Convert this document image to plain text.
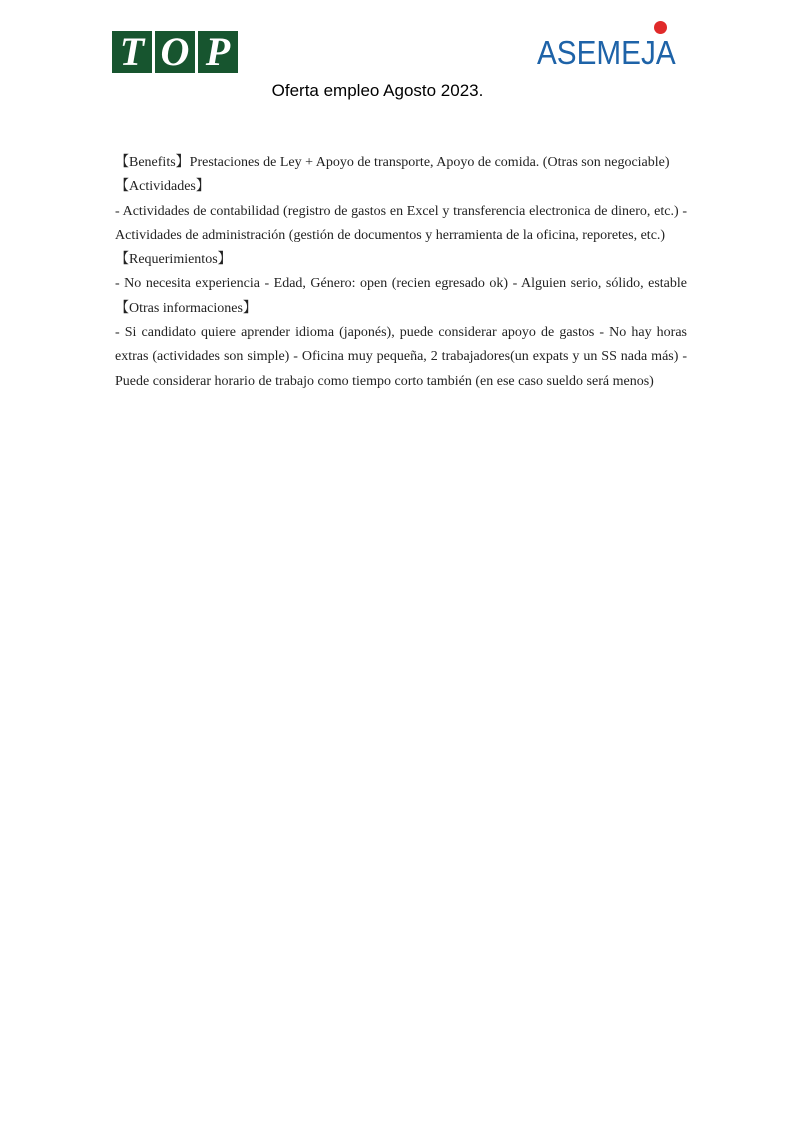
T O P	ASEMEJA
Oferta empleo Agosto 2023.

【Benefits】Prestaciones de Ley + Apoyo de transporte, Apoyo de comida. (Otras son negociable)

【Actividades】

- Actividades de contabilidad (registro de gastos en Excel y transferencia electronica de dinero, etc.) - Actividades de administración (gestión de documentos y herramienta de la oficina, reporetes, etc.)

【Requerimientos】

- No necesita experiencia - Edad, Género: open (recien egresado ok) - Alguien serio, sólido, estable 【Otras informaciones】

- Si candidato quiere aprender idioma (japonés), puede considerar apoyo de gastos - No hay horas extras (actividades son simple) - Oficina muy pequeña, 2 trabajadores(un expats y un SS nada más) - Puede considerar horario de trabajo como tiempo corto también (en ese caso sueldo será menos)
